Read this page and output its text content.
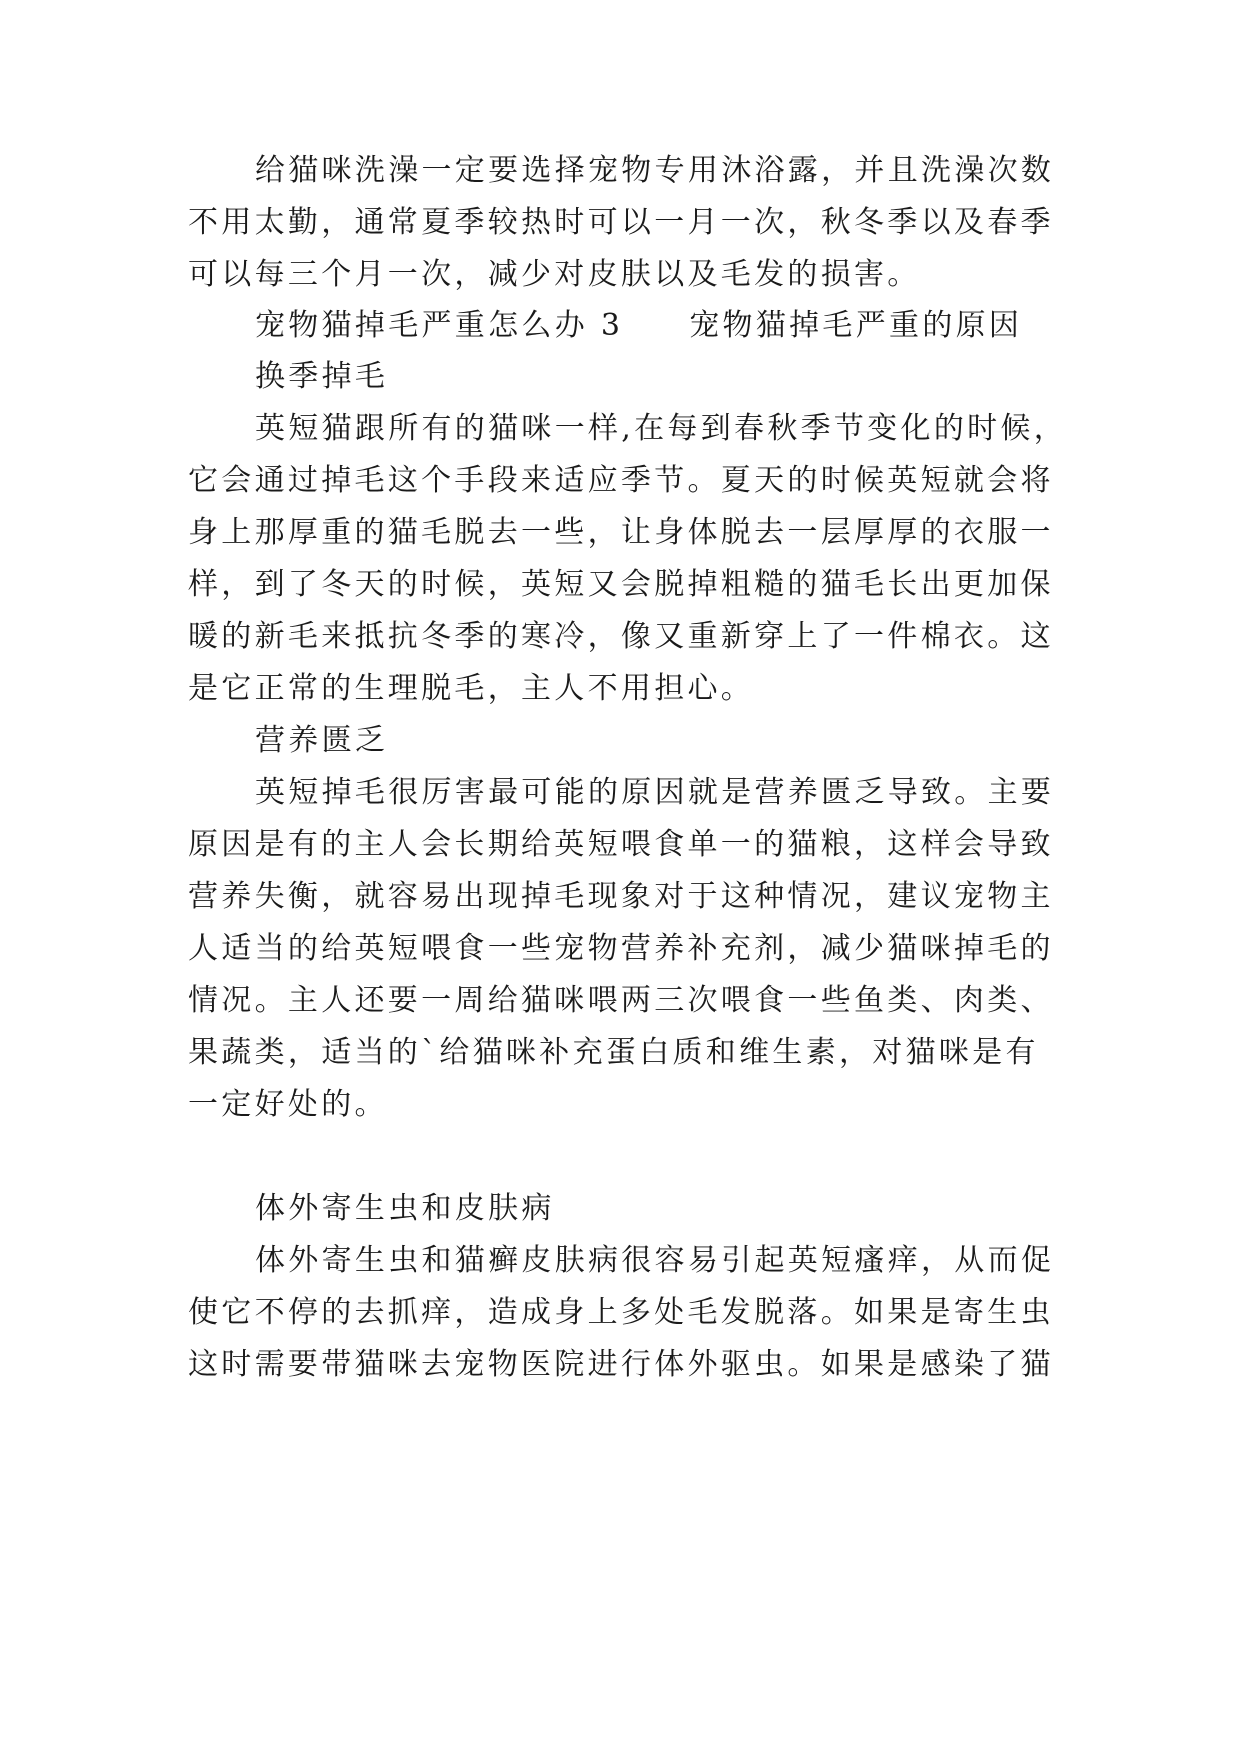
给猫咪洗澡一定要选择宠物专用沐浴露，并且洗澡次数
不用太勤，通常夏季较热时可以一月一次，秋冬季以及春季
可以每三个月一次，减少对皮肤以及毛发的损害。
宠物猫掉毛严重怎么办 3 宠物猫掉毛严重的原因
换季掉毛
英短猫跟所有的猫咪一样,在每到春秋季节变化的时候，
它会通过掉毛这个手段来适应季节。夏天的时候英短就会将
身上那厚重的猫毛脱去一些，让身体脱去一层厚厚的衣服一
样，到了冬天的时候，英短又会脱掉粗糙的猫毛长出更加保
暖的新毛来抵抗冬季的寒冷，像又重新穿上了一件棉衣。这
是它正常的生理脱毛，主人不用担心。
营养匮乏
英短掉毛很厉害最可能的原因就是营养匮乏导致。主要
原因是有的主人会长期给英短喂食单一的猫粮，这样会导致
营养失衡，就容易出现掉毛现象对于这种情况，建议宠物主
人适当的给英短喂食一些宠物营养补充剂，减少猫咪掉毛的
情况。主人还要一周给猫咪喂两三次喂食一些鱼类、肉类、
果蔬类，适当的`给猫咪补充蛋白质和维生素，对猫咪是有
一定好处的。
体外寄生虫和皮肤病
体外寄生虫和猫癣皮肤病很容易引起英短瘙痒，从而促
使它不停的去抓痒，造成身上多处毛发脱落。如果是寄生虫
这时需要带猫咪去宠物医院进行体外驱虫。如果是感染了猫
